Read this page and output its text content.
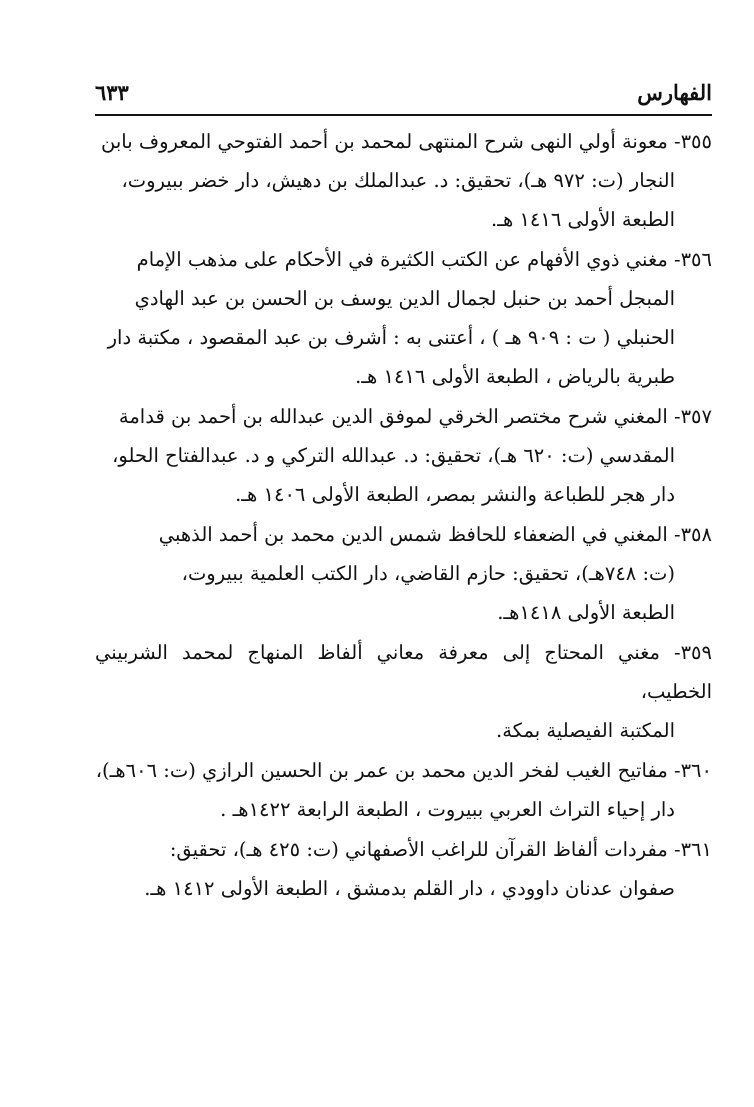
الفهارس
٦٣٣
٣٥٥- معونة أولي النهى شرح المنتهى لمحمد بن أحمد الفتوحي المعروف بابن
النجار (ت: ٩٧٢ هـ)، تحقيق: د. عبدالملك بن دهيش، دار خضر ببيروت،
الطبعة الأولى ١٤١٦ هـ.
٣٥٦- مغني ذوي الأفهام عن الكتب الكثيرة في الأحكام على مذهب الإمام
المبجل أحمد بن حنبل لجمال الدين يوسف بن الحسن بن عبد الهادي
الحنبلي ( ت : ٩٠٩ هـ ) ، أعتنى به : أشرف بن عبد المقصود ، مكتبة دار
طبرية بالرياض ، الطبعة الأولى ١٤١٦ هـ.
٣٥٧- المغني شرح مختصر الخرقي لموفق الدين عبدالله بن أحمد بن قدامة
المقدسي (ت: ٦٢٠ هـ)، تحقيق: د. عبدالله التركي و د. عبدالفتاح الحلو،
دار هجر للطباعة والنشر بمصر، الطبعة الأولى ١٤٠٦ هـ.
٣٥٨- المغني في الضعفاء للحافظ شمس الدين محمد بن أحمد الذهبي
(ت: ٧٤٨هـ)، تحقيق: حازم القاضي، دار الكتب العلمية ببيروت،
الطبعة الأولى ١٤١٨هـ.
٣٥٩- مغني المحتاج إلى معرفة معاني ألفاظ المنهاج لمحمد الشربيني الخطيب،
المكتبة الفيصلية بمكة.
٣٦٠- مفاتيح الغيب لفخر الدين محمد بن عمر بن الحسين الرازي (ت: ٦٠٦هـ)،
دار إحياء التراث العربي ببيروت ، الطبعة الرابعة ١٤٢٢هـ .
٣٦١- مفردات ألفاظ القرآن للراغب الأصفهاني (ت: ٤٢٥ هـ)، تحقيق:
صفوان عدنان داوودي ، دار القلم بدمشق ، الطبعة الأولى ١٤١٢ هـ.
